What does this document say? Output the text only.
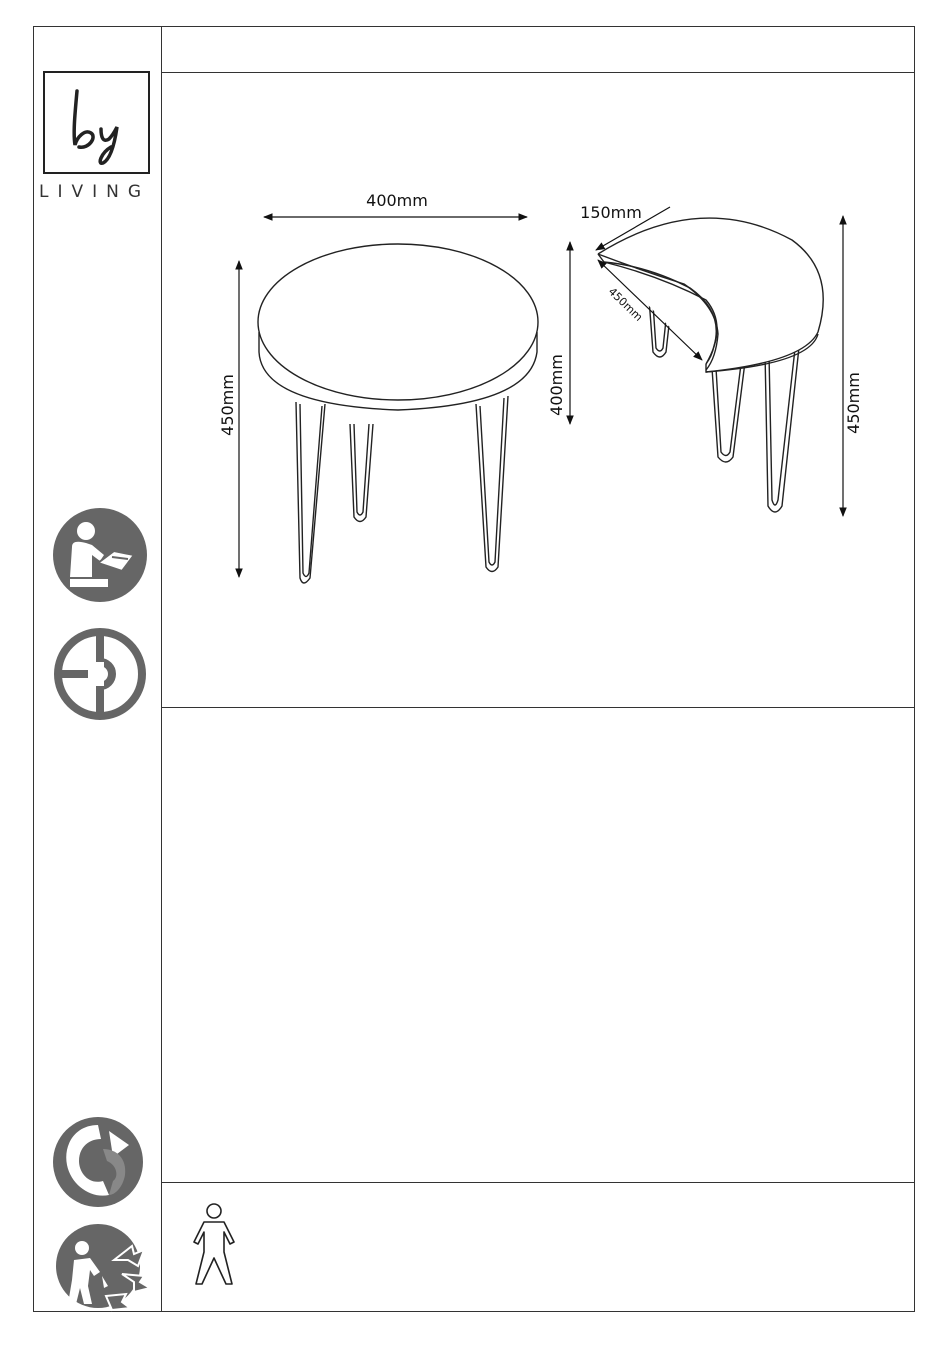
LIVING	400mm
450mm	400mm
150mm
450mm
450mm
